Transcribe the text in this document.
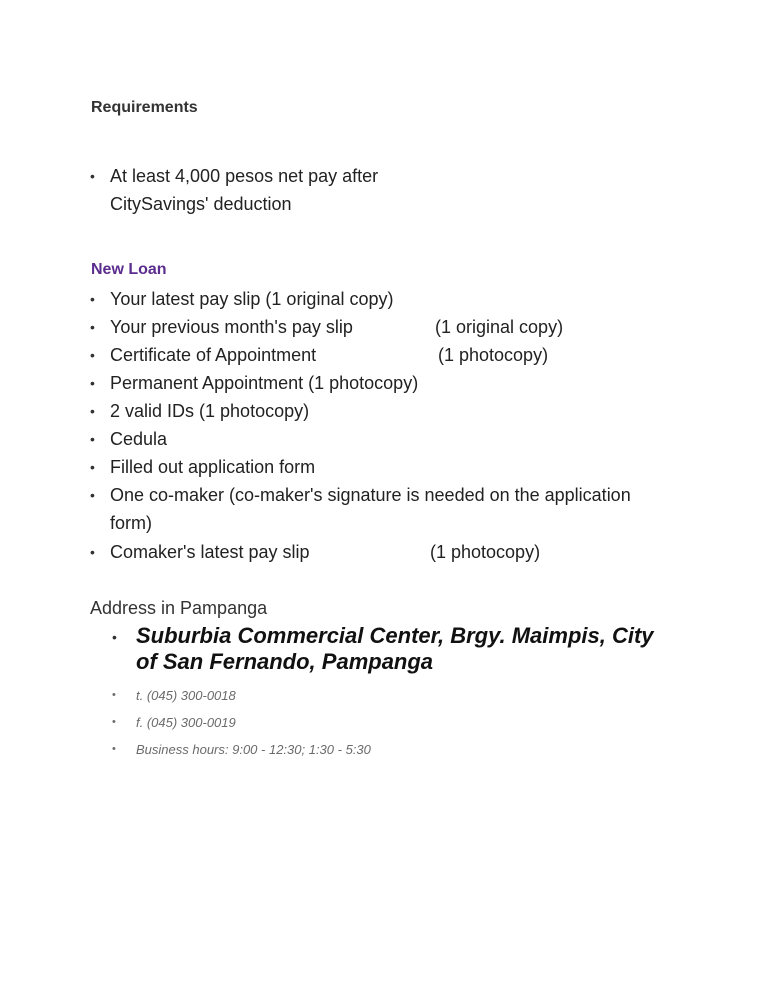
Requirements
• At least 4,000 pesos net pay after
CitySavings' deduction
New Loan
• Your latest pay slip (1 original copy)
• Your previous month's pay slip	(1 original copy)
• Certificate of Appointment	(1 photocopy)
• Permanent Appointment (1 photocopy)
• 2 valid IDs (1 photocopy)
• Cedula
• Filled out application form
• One co-maker (co-maker's signature is needed on the application form)
• Comaker's latest pay slip	(1 photocopy)
Address in Pampanga
• Suburbia Commercial Center, Brgy. Maimpis, City of San Fernando, Pampanga
• t. (045) 300-0018
• f. (045) 300-0019
• Business hours: 9:00 - 12:30; 1:30 - 5:30
